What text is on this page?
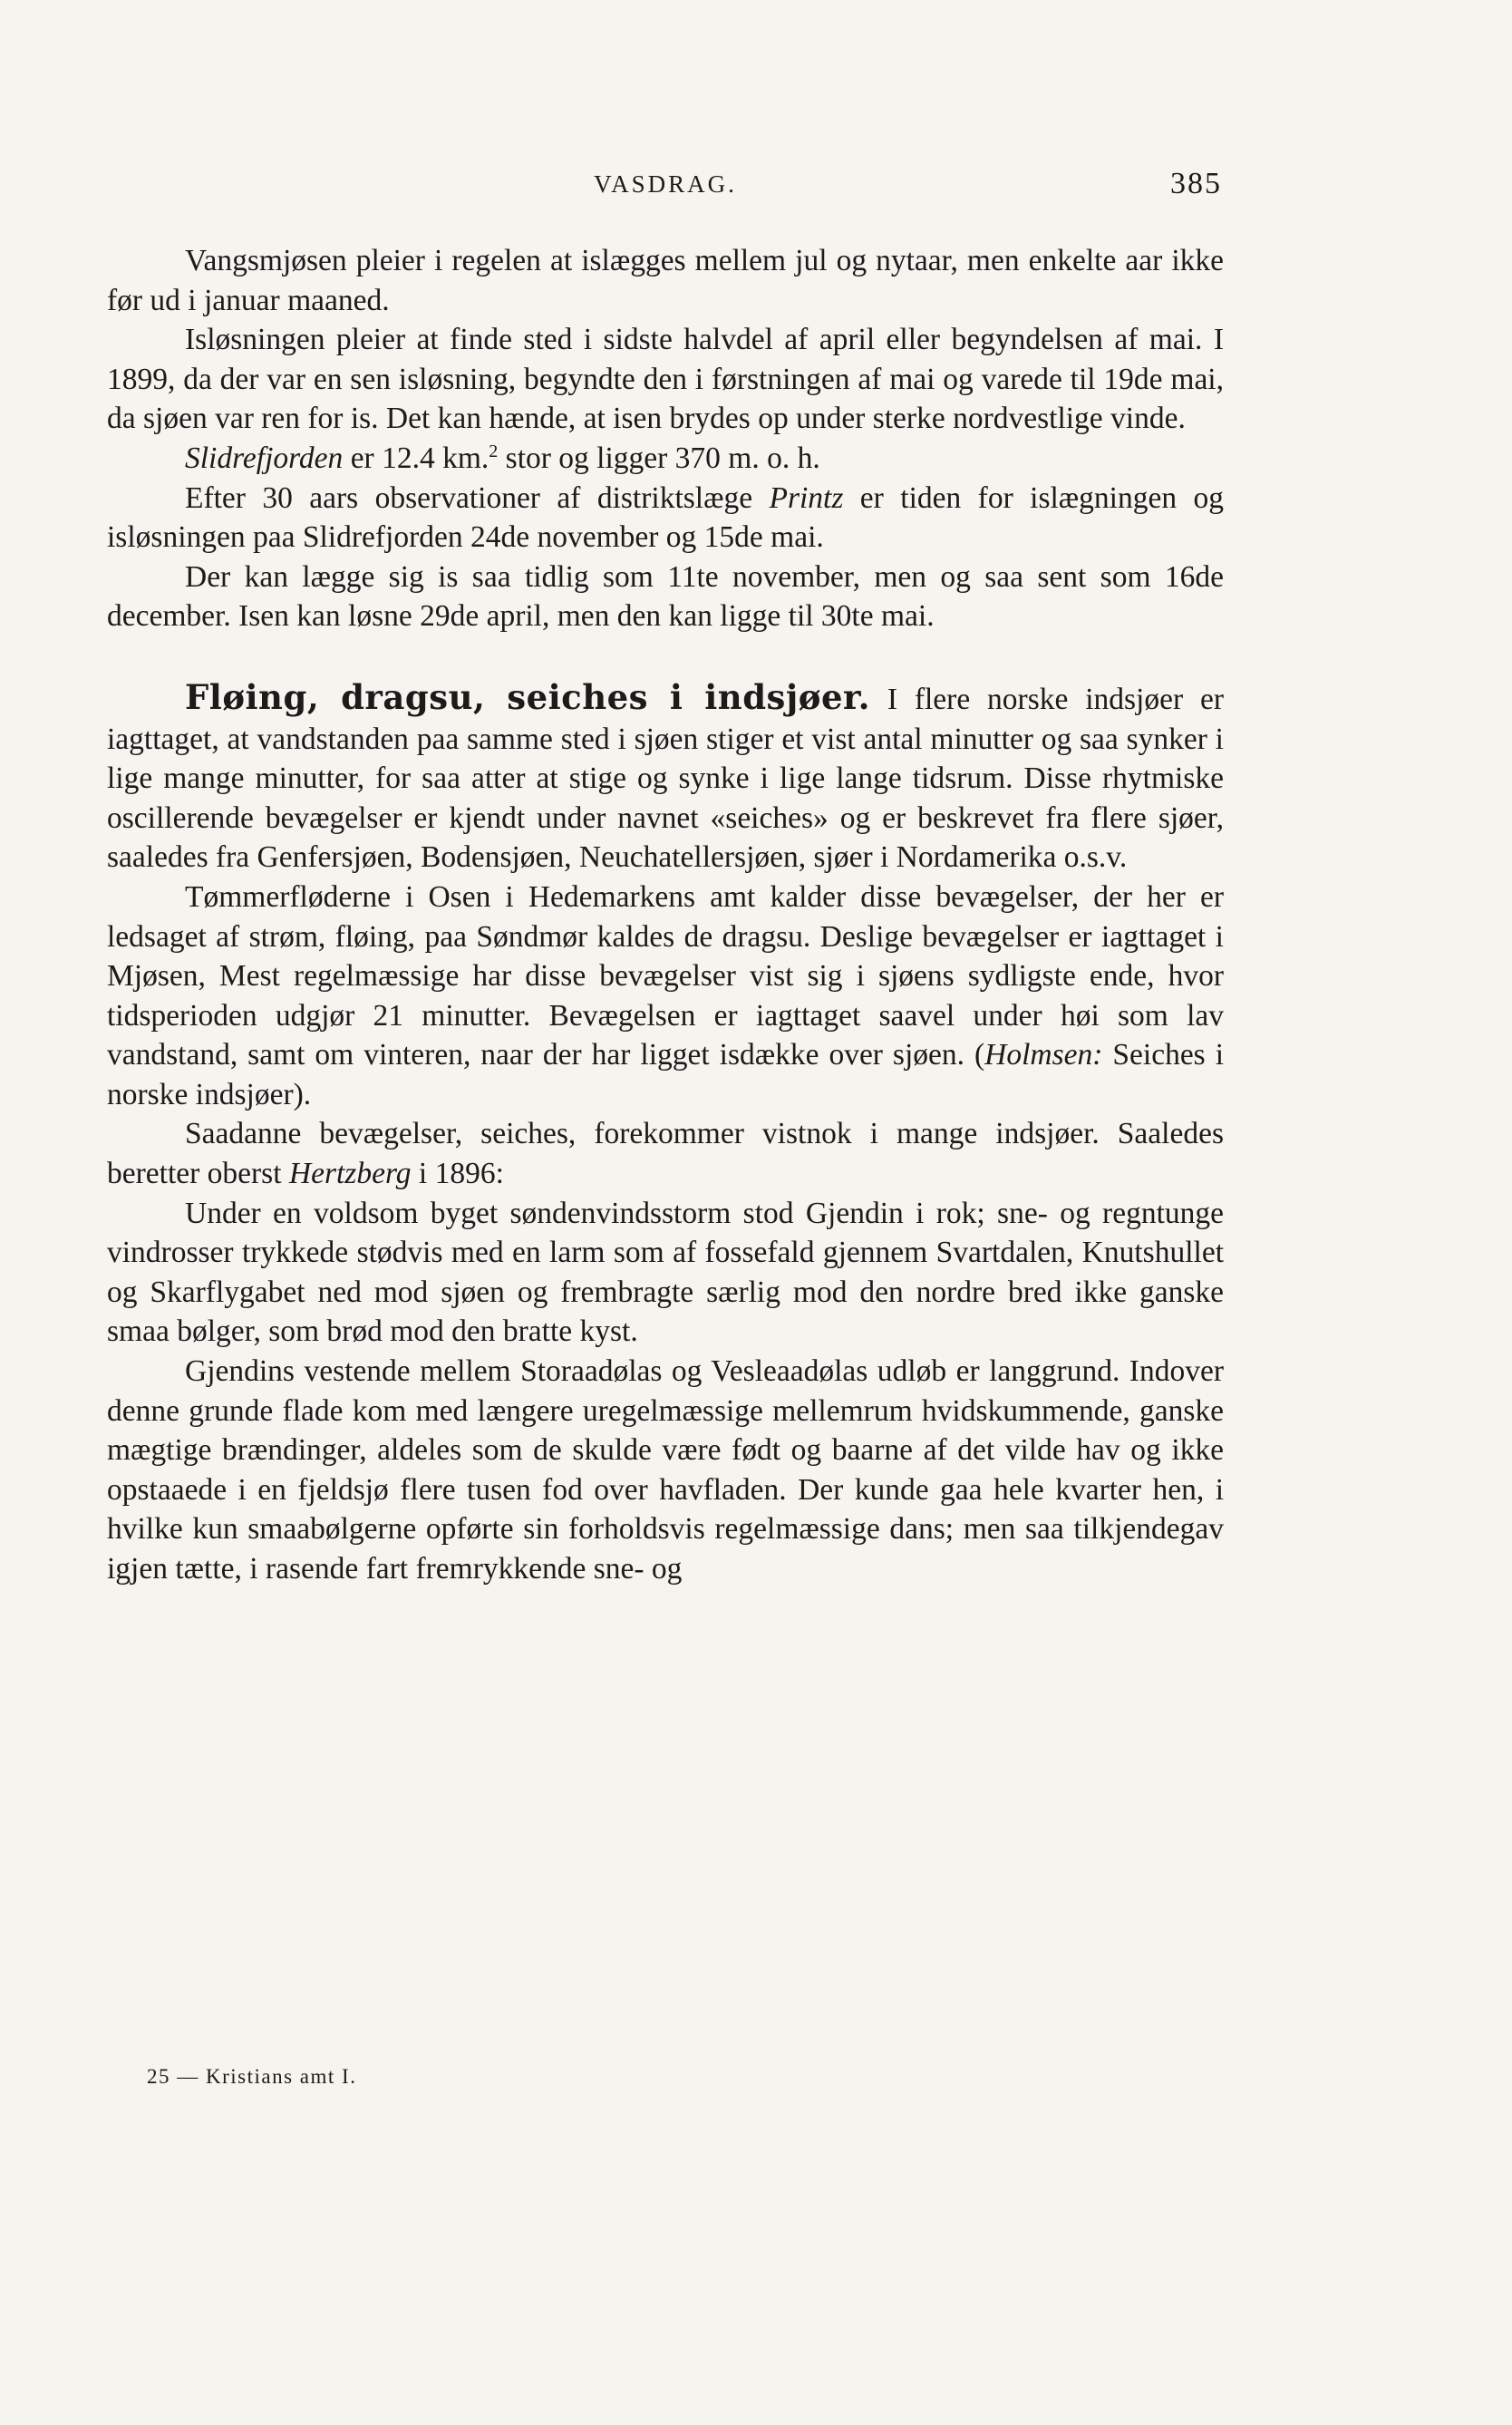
VASDRAG.	385

Vangsmjøsen pleier i regelen at islægges mellem jul og nytaar, men enkelte aar ikke før ud i januar maaned.

Isløsningen pleier at finde sted i sidste halvdel af april eller begyndelsen af mai. I 1899, da der var en sen isløsning, begyndte den i førstningen af mai og varede til 19de mai, da sjøen var ren for is. Det kan hænde, at isen brydes op under sterke nordvestlige vinde.

Slidrefjorden er 12.4 km.$^2$ stor og ligger 370 m. o. h.

Efter 30 aars observationer af distriktslæge Printz er tiden for islægningen og isløsningen paa Slidrefjorden 24de november og 15de mai.

Der kan lægge sig is saa tidlig som 11te november, men og saa sent som 16de december. Isen kan løsne 29de april, men den kan ligge til 30te mai.

Fløing, dragsu, seiches i indsjøer. I flere norske indsjøer er iagttaget, at vandstanden paa samme sted i sjøen stiger et vist antal minutter og saa synker i lige mange minutter, for saa atter at stige og synke i lige lange tidsrum. Disse rhytmiske oscillerende bevægelser er kjendt under navnet «seiches» og er beskrevet fra flere sjøer, saaledes fra Genfersjøen, Bodensjøen, Neuchatellersjøen, sjøer i Nordamerika o.s.v.

Tømmerfløderne i Osen i Hedemarkens amt kalder disse bevægelser, der her er ledsaget af strøm, fløing, paa Søndmør kaldes de dragsu. Deslige bevægelser er iagttaget i Mjøsen, Mest regelmæssige har disse bevægelser vist sig i sjøens sydligste ende, hvor tidsperioden udgjør 21 minutter. Bevægelsen er iagttaget saavel under høi som lav vandstand, samt om vinteren, naar der har ligget isdække over sjøen. (Holmsen: Seiches i norske indsjøer).

Saadanne bevægelser, seiches, forekommer vistnok i mange indsjøer. Saaledes beretter oberst Hertzberg i 1896:

Under en voldsom byget søndenvindsstorm stod Gjendin i rok; sne- og regntunge vindrosser trykkede stødvis med en larm som af fossefald gjennem Svartdalen, Knutshullet og Skarflygabet ned mod sjøen og frembragte særlig mod den nordre bred ikke ganske smaa bølger, som brød mod den bratte kyst.

Gjendins vestende mellem Storaadølas og Vesleaadølas udløb er langgrund. Indover denne grunde flade kom med længere uregelmæssige mellemrum hvidskummende, ganske mægtige brændinger, aldeles som de skulde være født og baarne af det vilde hav og ikke opstaaede i en fjeldsjø flere tusen fod over havfladen. Der kunde gaa hele kvarter hen, i hvilke kun smaabølgerne opførte sin forholdsvis regelmæssige dans; men saa tilkjendegav igjen tætte, i rasende fart fremrykkende sne- og

25 — Kristians amt I.
